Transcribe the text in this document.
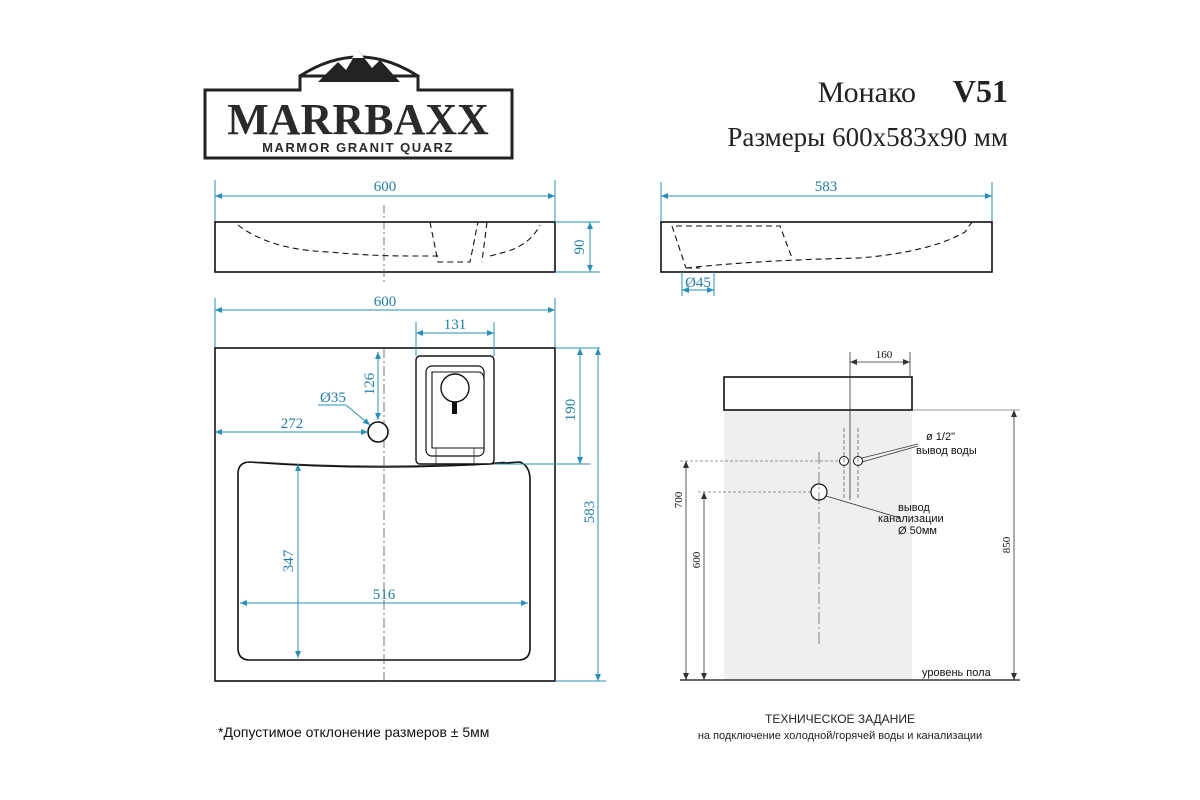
MARRBAXX
MARMOR GRANIT QUARZ
Монако V51
Размеры 600x583x90 мм
600
90
583
Ø45
600
131
126
Ø35
272
190
583
347
516
160
ø 1/2"
вывод воды
вывод
канализации
Ø 50мм
700
600
850
уровень пола
*Допустимое отклонение размеров ± 5мм
ТЕХНИЧЕСКОЕ ЗАДАНИЕ
на подключение холодной/горячей воды и канализации
